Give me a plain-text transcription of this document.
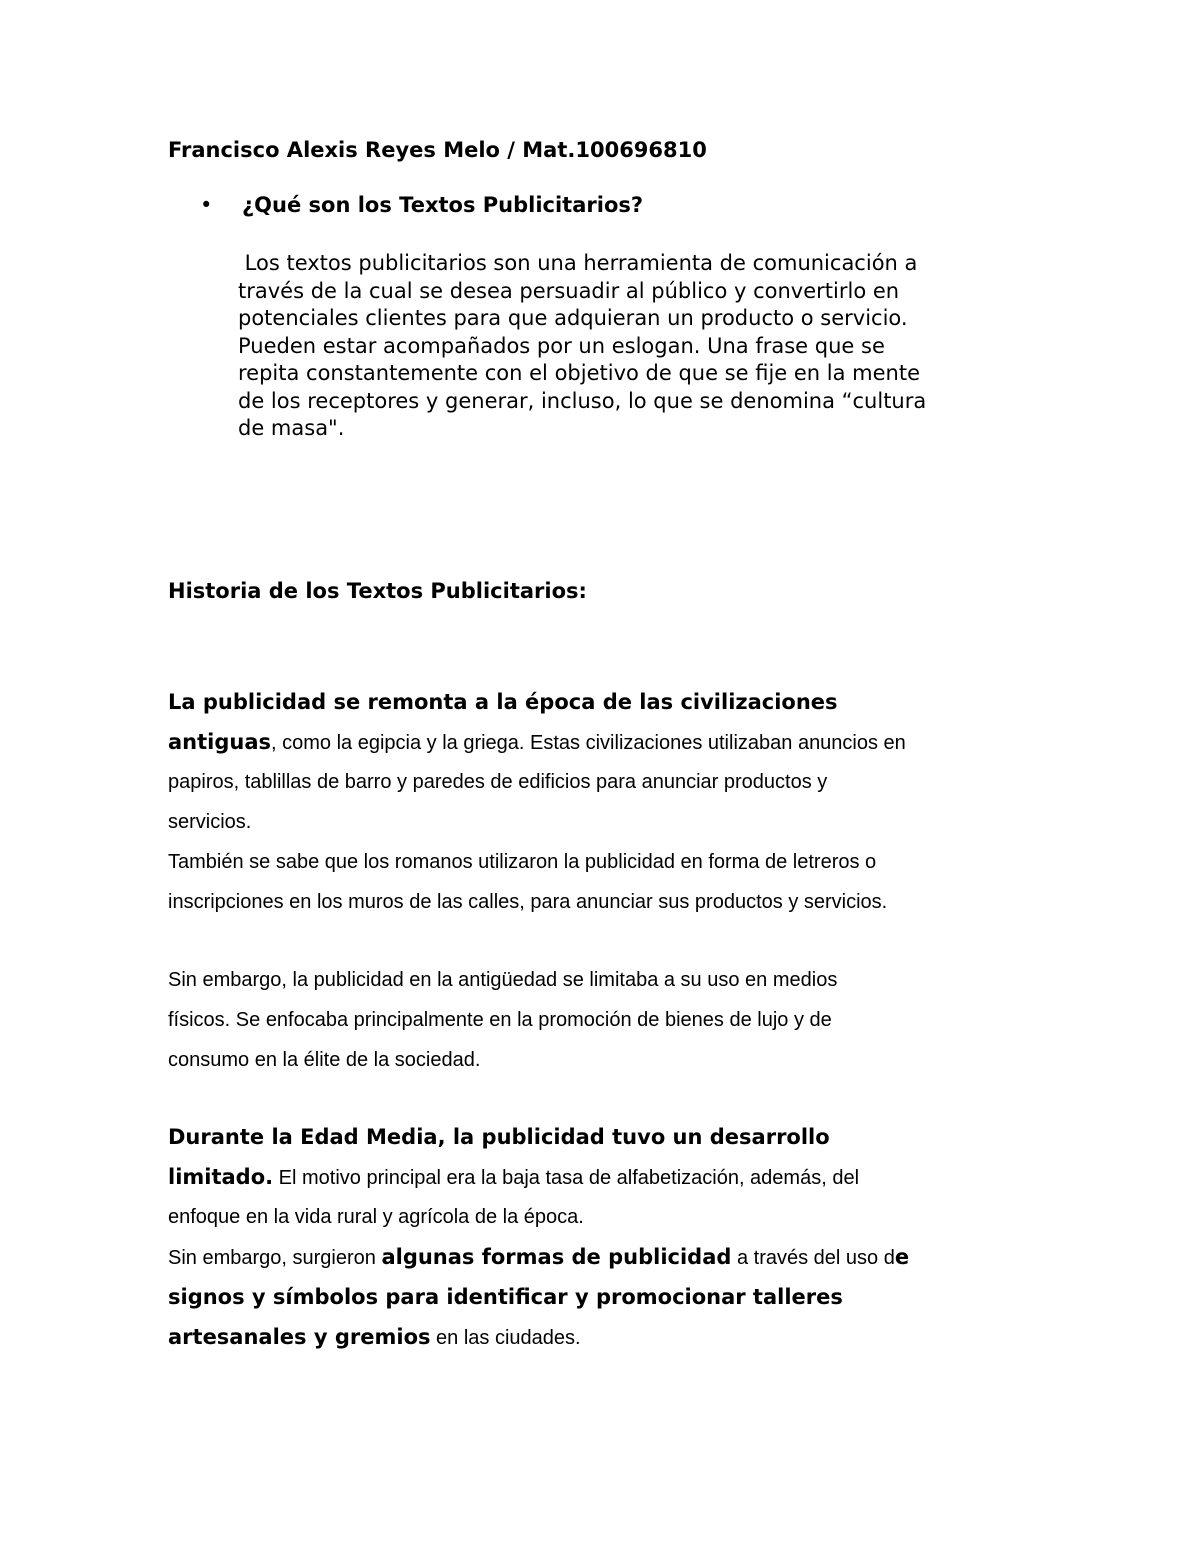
Francisco Alexis Reyes Melo / Mat.100696810
• ¿Qué son los Textos Publicitarios?

Los textos publicitarios son una herramienta de comunicación a

través de la cual se desea persuadir al público y convertirlo en

potenciales clientes para que adquieran un producto o servicio.

Pueden estar acompañados por un eslogan. Una frase que se

repita constantemente con el objetivo de que se fije en la mente

de los receptores y generar, incluso, lo que se denomina “cultura

de masa".

Historia de los Textos Publicitarios:
La publicidad se remonta a la época de las civilizaciones
antiguas, como la egipcia y la griega. Estas civilizaciones utilizaban anuncios en
papiros, tablillas de barro y paredes de edificios para anunciar productos y
servicios.
También se sabe que los romanos utilizaron la publicidad en forma de letreros o
inscripciones en los muros de las calles, para anunciar sus productos y servicios.
Sin embargo, la publicidad en la antigüedad se limitaba a su uso en medios
físicos. Se enfocaba principalmente en la promoción de bienes de lujo y de
consumo en la élite de la sociedad.
Durante la Edad Media, la publicidad tuvo un desarrollo
limitado. El motivo principal era la baja tasa de alfabetización, además, del
enfoque en la vida rural y agrícola de la época.
Sin embargo, surgieron algunas formas de publicidad a través del uso de
signos y símbolos para identificar y promocionar talleres
artesanales y gremios en las ciudades.
